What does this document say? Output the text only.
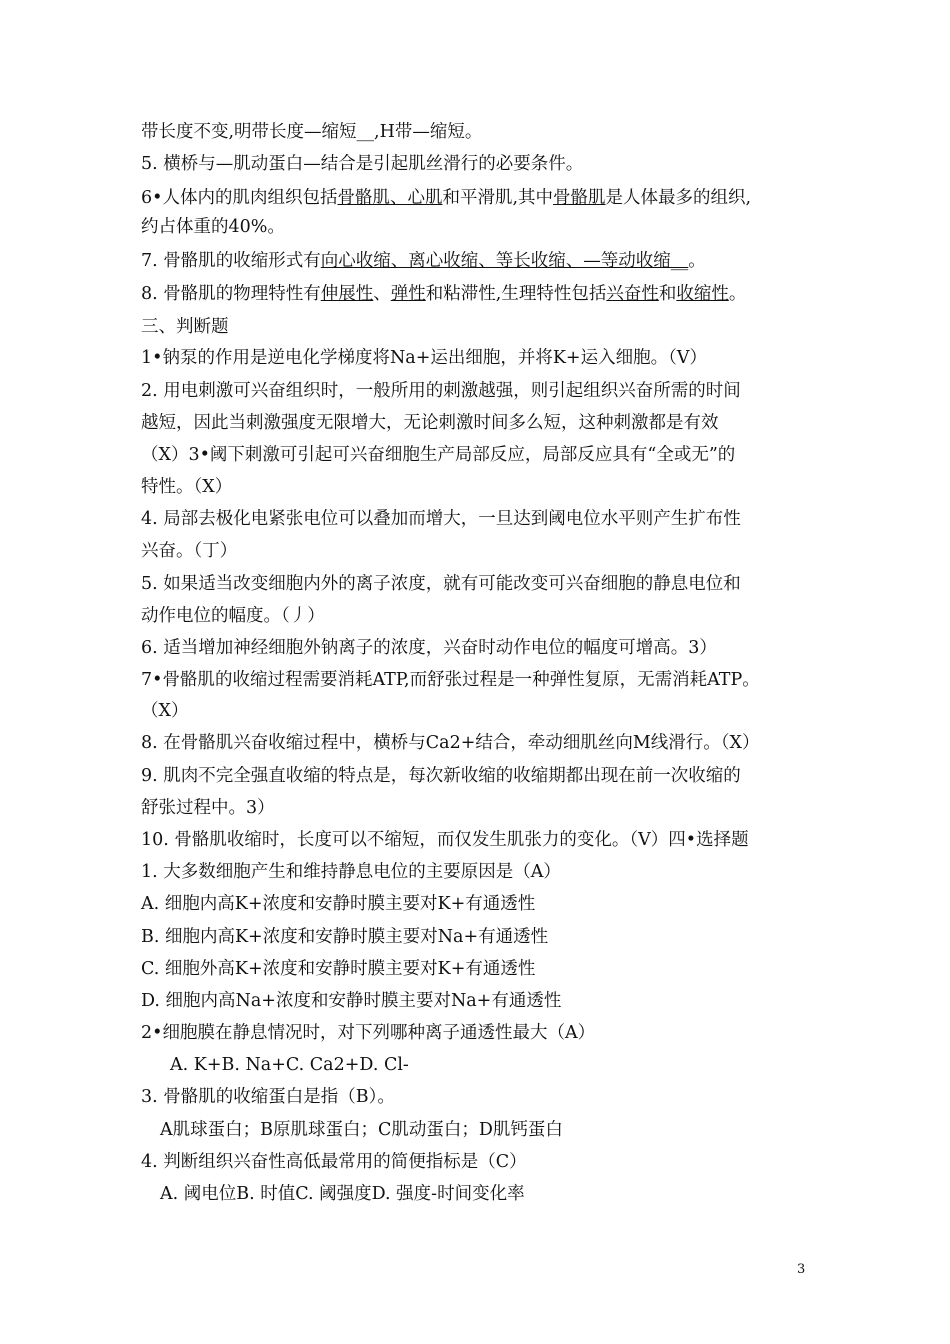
带长度不变,明带长度—缩短__,H带—缩短。
5. 横桥与—肌动蛋白—结合是引起肌丝滑行的必要条件。
6•人体内的肌肉组织包括骨骼肌、心肌和平滑肌,其中骨骼肌是人体最多的组织,
约占体重的40%。
7. 骨骼肌的收缩形式有向心收缩、离心收缩、等长收缩、—等动收缩__。
8. 骨骼肌的物理特性有伸展性、弹性和粘滞性,生理特性包括兴奋性和收缩性。
三、判断题
1•钠泵的作用是逆电化学梯度将Na+运出细胞，并将K+运入细胞。（V）
2. 用电刺激可兴奋组织时，一般所用的刺激越强，则引起组织兴奋所需的时间
越短，因此当刺激强度无限增大，无论刺激时间多么短，这种刺激都是有效
（X）3•阈下刺激可引起可兴奋细胞生产局部反应，局部反应具有“全或无”的
特性。（X）
4. 局部去极化电紧张电位可以叠加而增大，一旦达到阈电位水平则产生扩布性
兴奋。（丁）
5. 如果适当改变细胞内外的离子浓度，就有可能改变可兴奋细胞的静息电位和
动作电位的幅度。（丿）
6. 适当增加神经细胞外钠离子的浓度，兴奋时动作电位的幅度可增高。3）
7•骨骼肌的收缩过程需要消耗ATP,而舒张过程是一种弹性复原，无需消耗ATP。
（X）
8. 在骨骼肌兴奋收缩过程中，横桥与Ca2+结合，牵动细肌丝向M线滑行。（X）
9. 肌肉不完全强直收缩的特点是，每次新收缩的收缩期都出现在前一次收缩的
舒张过程中。3）
10. 骨骼肌收缩时，长度可以不缩短，而仅发生肌张力的变化。（V）四•选择题
1. 大多数细胞产生和维持静息电位的主要原因是（A）
A. 细胞内高K+浓度和安静时膜主要对K+有通透性
B. 细胞内高K+浓度和安静时膜主要对Na+有通透性
C. 细胞外高K+浓度和安静时膜主要对K+有通透性
D. 细胞内高Na+浓度和安静时膜主要对Na+有通透性
2•细胞膜在静息情况时，对下列哪种离子通透性最大（A）
A. K+B. Na+C. Ca2+D. Cl-
3. 骨骼肌的收缩蛋白是指（B）。
A肌球蛋白；B原肌球蛋白；C肌动蛋白；D肌钙蛋白
4. 判断组织兴奋性高低最常用的简便指标是（C）
A. 阈电位B. 时值C. 阈强度D. 强度-时间变化率
3
